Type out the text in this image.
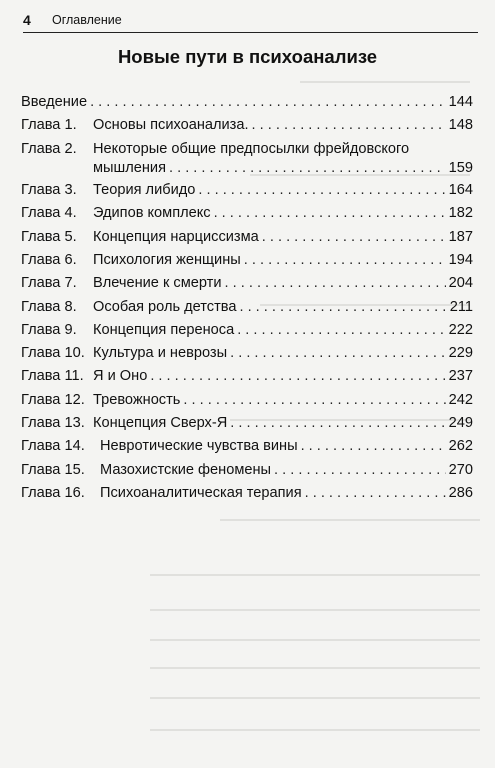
4 Оглавление
Новые пути в психоанализе
Введение . . .	144
Глава 1.	Основы психоанализа. . . .	148
Глава 2. Некоторые общие предпосылки фрейдовского
мышления . . .	159
Глава 3.	Теория либидо . . .	164
Глава 4.	Эдипов комплекс . . .	182
Глава 5.	Концепция нарциссизма . . .	187
Глава 6.	Психология женщины . . .	194
Глава 7.	Влечение к смерти . . .	204
Глава 8.	Особая роль детства . . .	211
Глава 9.	Концепция переноса . . .	222
Глава 10. Культура и неврозы . . .	229
Глава 11. Я и Оно . . .	237
Глава 12. Тревожность . . .	242
Глава 13. Концепция Сверх-Я . . .	249
Глава 14.	Невротические чувства вины . . .	262
Глава 15.	Мазохистские феномены . . .	270
Глава 16.	Психоаналитическая терапия . . .	286
